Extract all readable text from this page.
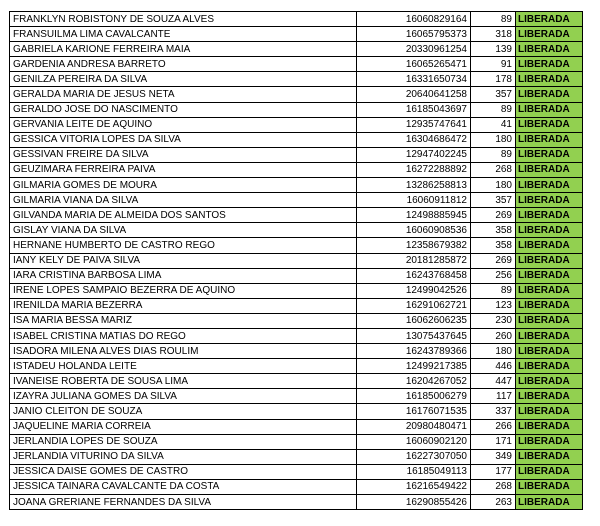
FRANKLYN ROBISTONY DE SOUZA ALVES	16060829164	89	LIBERADA
FRANSUILMA LIMA CAVALCANTE	16065795373	318	LIBERADA
GABRIELA KARIONE FERREIRA MAIA	20330961254	139	LIBERADA
GARDENIA ANDRESA BARRETO	16065265471	91	LIBERADA
GENILZA PEREIRA DA SILVA	16331650734	178	LIBERADA
GERALDA MARIA DE JESUS NETA	20640641258	357	LIBERADA
GERALDO JOSE DO NASCIMENTO	16185043697	89	LIBERADA
GERVANIA LEITE DE AQUINO	12935747641	41	LIBERADA
GESSICA VITORIA LOPES DA SILVA	16304686472	180	LIBERADA
GESSIVAN FREIRE DA SILVA	12947402245	89	LIBERADA
GEUZIMARA FERREIRA PAIVA	16272288892	268	LIBERADA
GILMARIA GOMES DE MOURA	13286258813	180	LIBERADA
GILMARIA VIANA DA SILVA	16060911812	357	LIBERADA
GILVANDA MARIA DE ALMEIDA DOS SANTOS	12498885945	269	LIBERADA
GISLAY VIANA DA SILVA	16060908536	358	LIBERADA
HERNANE HUMBERTO DE CASTRO REGO	12358679382	358	LIBERADA
IANY KELY DE PAIVA SILVA	20181285872	269	LIBERADA
IARA CRISTINA BARBOSA LIMA	16243768458	256	LIBERADA
IRENE LOPES SAMPAIO BEZERRA DE AQUINO	12499042526	89	LIBERADA
IRENILDA MARIA BEZERRA	16291062721	123	LIBERADA
ISA MARIA BESSA MARIZ	16062606235	230	LIBERADA
ISABEL CRISTINA MATIAS DO REGO	13075437645	260	LIBERADA
ISADORA MILENA ALVES DIAS ROULIM	16243789366	180	LIBERADA
ISTADEU HOLANDA LEITE	12499217385	446	LIBERADA
IVANEISE ROBERTA DE SOUSA LIMA	16204267052	447	LIBERADA
IZAYRA JULIANA GOMES DA SILVA	16185006279	117	LIBERADA
JANIO CLEITON DE SOUZA	16176071535	337	LIBERADA
JAQUELINE MARIA CORREIA	20980480471	266	LIBERADA
JERLANDIA LOPES DE SOUZA	16060902120	171	LIBERADA
JERLANDIA VITURINO DA SILVA	16227307050	349	LIBERADA
JESSICA DAISE GOMES DE CASTRO	16185049113	177	LIBERADA
JESSICA TAINARA CAVALCANTE DA COSTA	16216549422	268	LIBERADA
JOANA GRERIANE FERNANDES DA SILVA	16290855426	263	LIBERADA
